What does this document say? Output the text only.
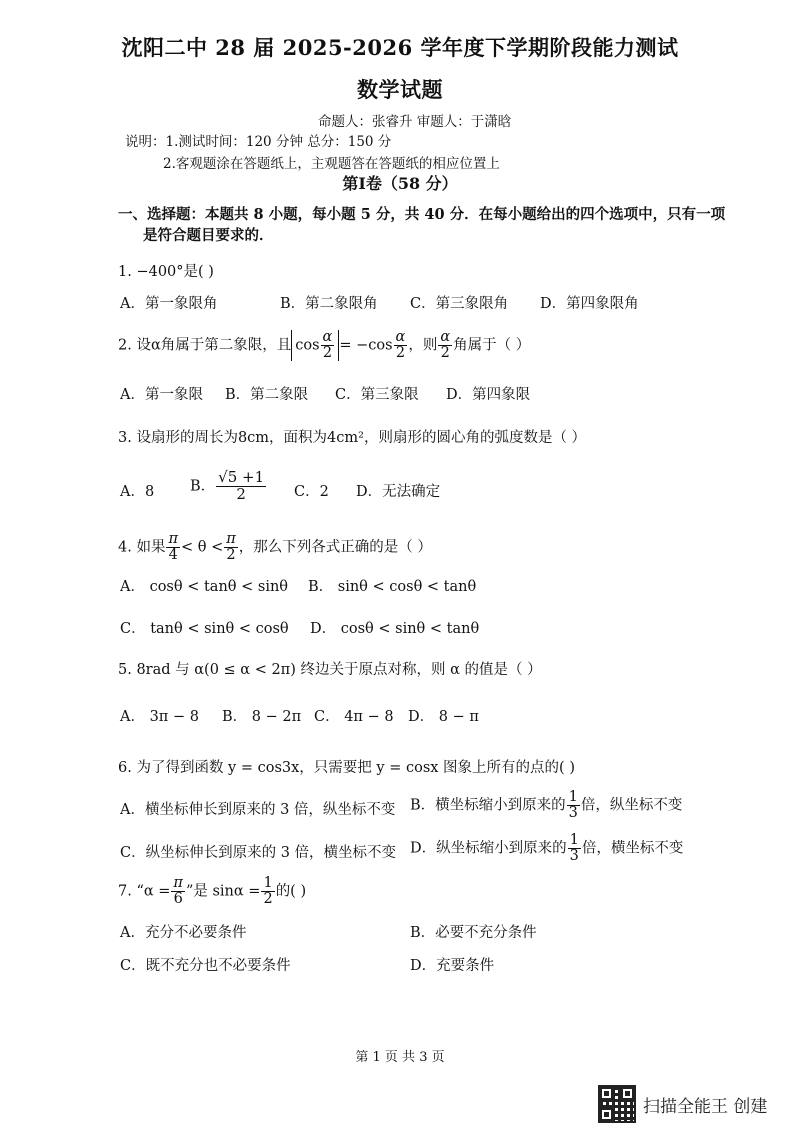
沈阳二中 28 届 2025-2026 学年度下学期阶段能力测试
数学试题
命题人：张睿升 审题人：于潇晗
说明：1.测试时间：120 分钟 总分：150 分
2.客观题涂在答题纸上，主观题答在答题纸的相应位置上
第Ⅰ卷（58 分）
一、选择题：本题共 8 小题，每小题 5 分，共 40 分．在每小题给出的四个选项中，只有一项
是符合题目要求的．
1. −400°是( )
A．第一象限角	B．第二象限角 C．第三象限角 D．第四象限角
2. 设α角属于第二象限，且 $\cos \frac{\alpha}{2} = -\cos \frac{\alpha}{2}$ ，则 $\frac{\alpha}{2}$ 角属于（ ）
A．第一象限 B．第二象限 C．第三象限 D．第四象限
3. 设扇形的周长为8cm，面积为4cm²，则扇形的圆心角的弧度数是（ ）
A．8 B． $\frac{√5 +1}{2}$ C．2 D．无法确定
4. 如果 $\frac{\pi}{4} < \theta < \frac{\pi}{2}$ ，那么下列各式正确的是（ ）
A． cosθ < tanθ < sinθ B． sinθ < cosθ < tanθ
C． tanθ < sinθ < cosθ D． cosθ < sinθ < tanθ
5. 8rad 与 α(0 ≤ α < 2π) 终边关于原点对称，则 α 的值是（ ）
A． 3π − 8 B． 8 − 2π C． 4π − 8 D． 8 − π
6. 为了得到函数 y = cos3x，只需要把 y = cosx 图象上所有的点的( )
A．横坐标伸长到原来的 3 倍，纵坐标不变 B．横坐标缩小到原来的 $\frac{1}{3}$ 倍，纵坐标不变
C．纵坐标伸长到原来的 3 倍，横坐标不变 D．纵坐标缩小到原来的 $\frac{1}{3}$ 倍，横坐标不变
7. “$\alpha = \frac{\pi}{6}$ ”是 $\sin\alpha = \frac{1}{2}$ 的( )
A．充分不必要条件	B．必要不充分条件
C．既不充分也不必要条件	D．充要条件
第 1 页 共 3 页
扫描全能王 创建
